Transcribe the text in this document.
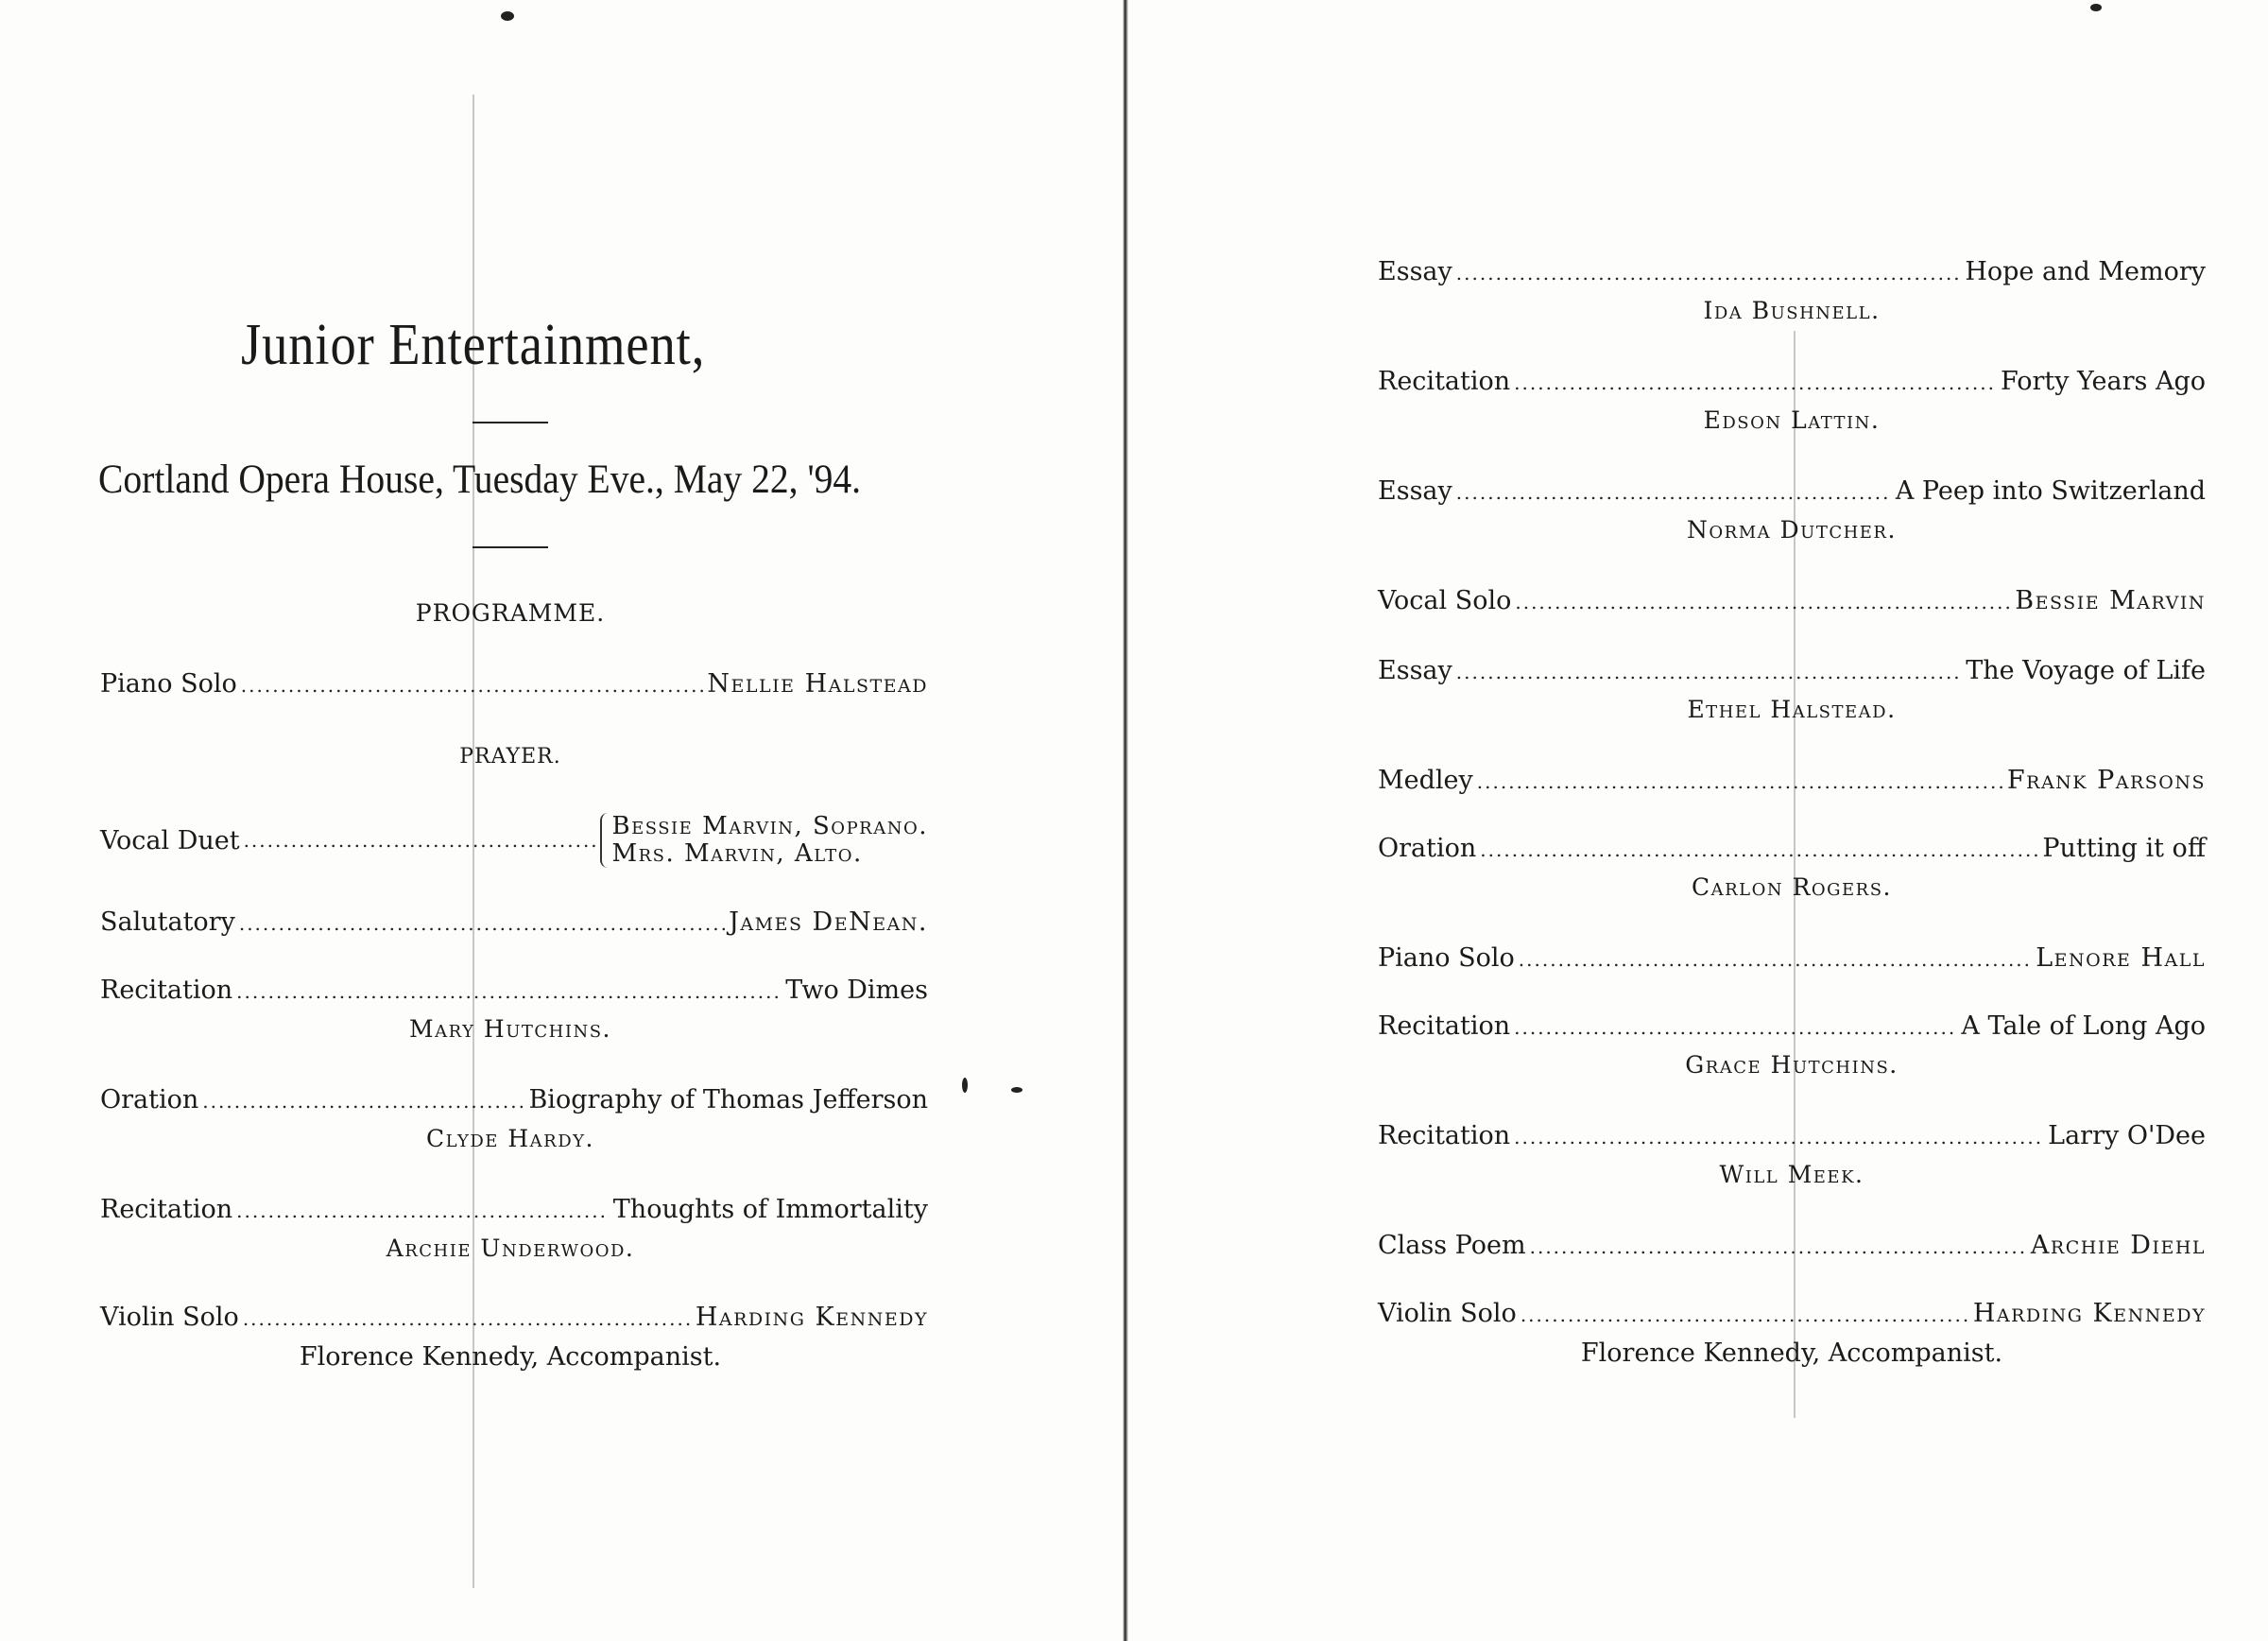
Junior Entertainment,
Cortland Opera House, Tuesday Eve., May 22, '94.
PROGRAMME.
Piano Solo .....	Nellie Halstead
PRAYER.
Vocal Duet .....	Bessie Marvin, Soprano.
Mrs. Marvin, Alto.
Salutatory .....	James DeNean.
Recitation .....	Two Dimes
Mary Hutchins.
Oration .....	Biography of Thomas Jefferson
Clyde Hardy.
Recitation .....	Thoughts of Immortality
Archie Underwood.
Violin Solo .....	Harding Kennedy
Florence Kennedy, Accompanist.
Essay .....	Hope and Memory
Ida Bushnell.
Recitation .....	Forty Years Ago
Edson Lattin.
Essay .....	A Peep into Switzerland
Norma Dutcher.
Vocal Solo .....	Bessie Marvin
Essay .....	The Voyage of Life
Ethel Halstead.
Medley .....	Frank Parsons
Oration .....	Putting it off
Carlon Rogers.
Piano Solo .....	Lenore Hall
Recitation .....	A Tale of Long Ago
Grace Hutchins.
Recitation .....	Larry O'Dee
Will Meek.
Class Poem .....	Archie Diehl
Violin Solo .....	Harding Kennedy
Florence Kennedy, Accompanist.
